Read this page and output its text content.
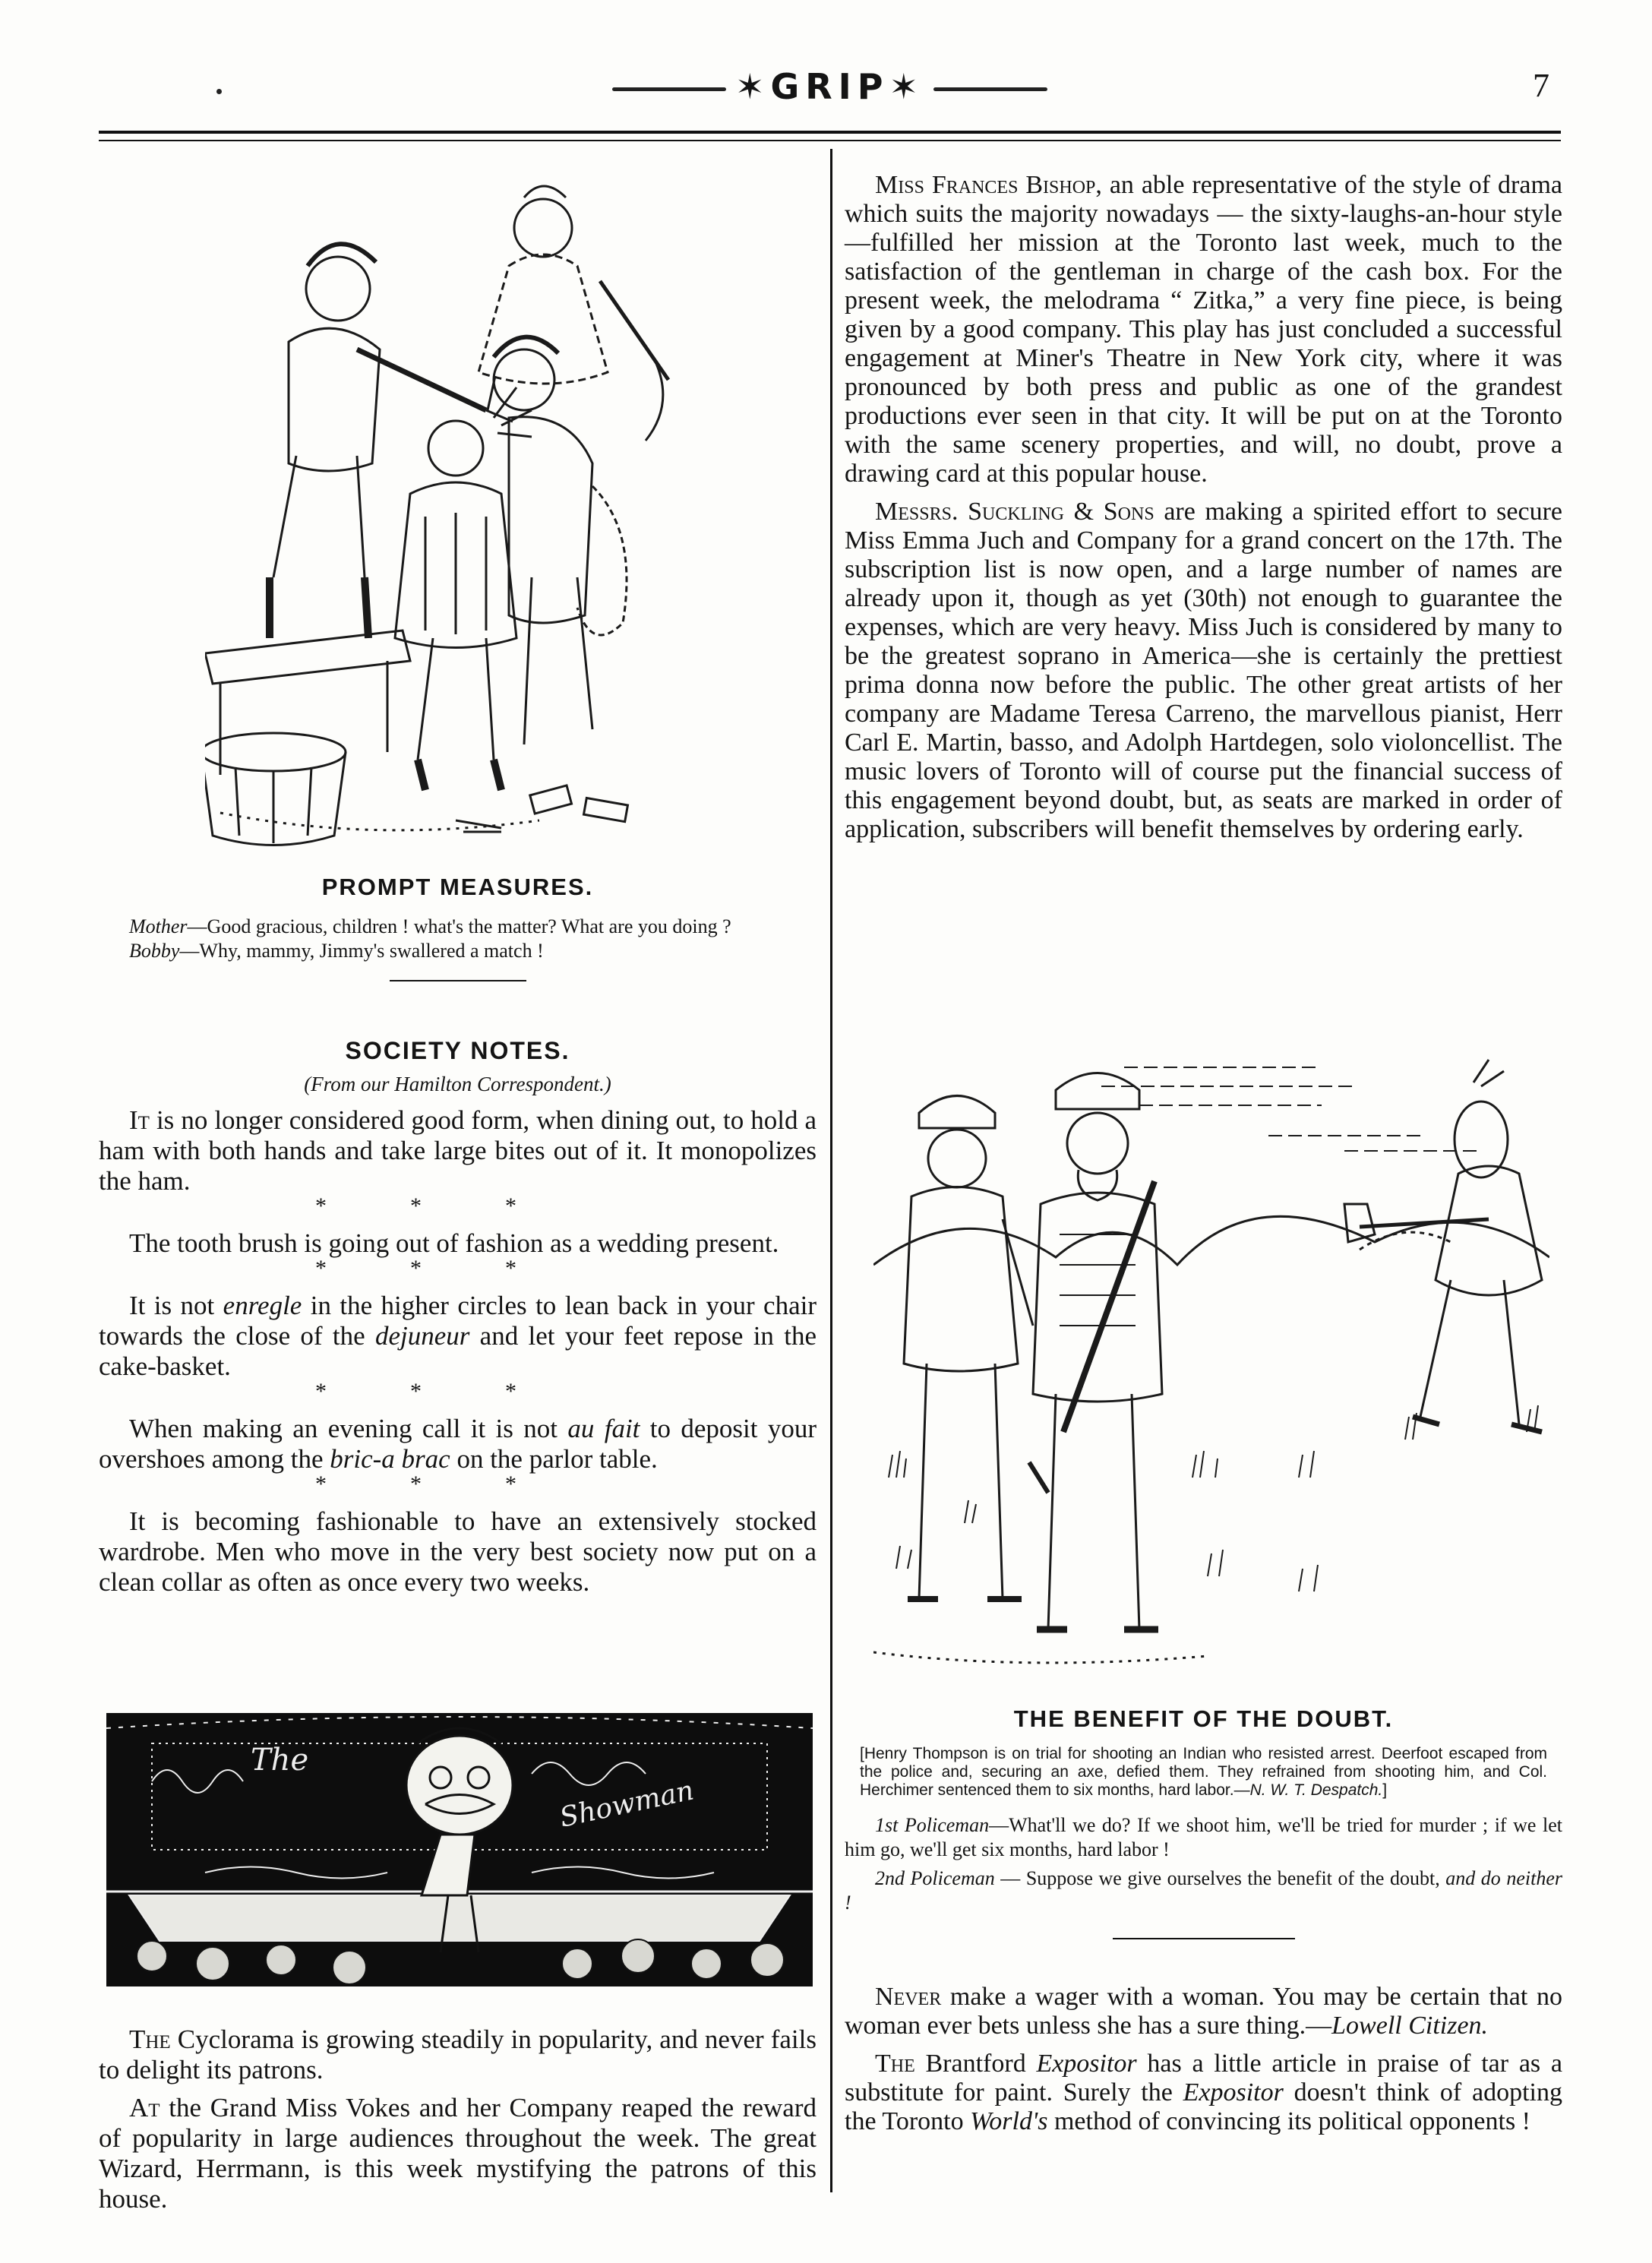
✶GRIP✶	7
PROMPT MEASURES.

Mother—Good gracious, children ! what's the matter? What are you doing ?

Bobby—Why, mammy, Jimmy's swallered a match !

SOCIETY NOTES.
(From our Hamilton Correspondent.)

It is no longer considered good form, when dining out, to hold a ham with both hands and take large bites out of it. It monopolizes the ham.

***

The tooth brush is going out of fashion as a wedding present.

***

It is not enregle in the higher circles to lean back in your chair towards the close of the dejuneur and let your feet repose in the cake-basket.

***

When making an evening call it is not au fait to deposit your overshoes among the bric-a brac on the parlor table.

***

It is becoming fashionable to have an extensively stocked wardrobe. Men who move in the very best society now put on a clean collar as often as once every two weeks.

The
Showman

The Cyclorama is growing steadily in popularity, and never fails to delight its patrons.

At the Grand Miss Vokes and her Company reaped the reward of popularity in large audiences throughout the week. The great Wizard, Herrmann, is this week mystifying the patrons of this house.

Miss Frances Bishop, an able representative of the style of drama which suits the majority nowadays — the sixty-laughs-an-hour style—fulfilled her mission at the Toronto last week, much to the satisfaction of the gentleman in charge of the cash box. For the present week, the melodrama “ Zitka,” a very fine piece, is being given by a good company. This play has just concluded a successful engagement at Miner's Theatre in New York city, where it was pronounced by both press and public as one of the grandest productions ever seen in that city. It will be put on at the Toronto with the same scenery properties, and will, no doubt, prove a drawing card at this popular house.

Messrs. Suckling & Sons are making a spirited effort to secure Miss Emma Juch and Company for a grand concert on the 17th. The subscription list is now open, and a large number of names are already upon it, though as yet (30th) not enough to guarantee the expenses, which are very heavy. Miss Juch is considered by many to be the greatest soprano in America—she is certainly the prettiest prima donna now before the public. The other great artists of her company are Madame Teresa Carreno, the marvellous pianist, Herr Carl E. Martin, basso, and Adolph Hartdegen, solo violoncellist. The music lovers of Toronto will of course put the financial success of this engagement beyond doubt, but, as seats are marked in order of application, subscribers will benefit themselves by ordering early.

THE BENEFIT OF THE DOUBT.

[Henry Thompson is on trial for shooting an Indian who resisted arrest. Deerfoot escaped from the police and, securing an axe, defied them. They refrained from shooting him, and Col. Herchimer sentenced them to six months, hard labor.—N. W. T. Despatch.]

1st Policeman—What'll we do? If we shoot him, we'll be tried for murder ; if we let him go, we'll get six months, hard labor !

2nd Policeman — Suppose we give ourselves the benefit of the doubt, and do neither !

Never make a wager with a woman. You may be certain that no woman ever bets unless she has a sure thing.—Lowell Citizen.

The Brantford Expositor has a little article in praise of tar as a substitute for paint. Surely the Expositor doesn't think of adopting the Toronto World's method of convincing its political opponents !
